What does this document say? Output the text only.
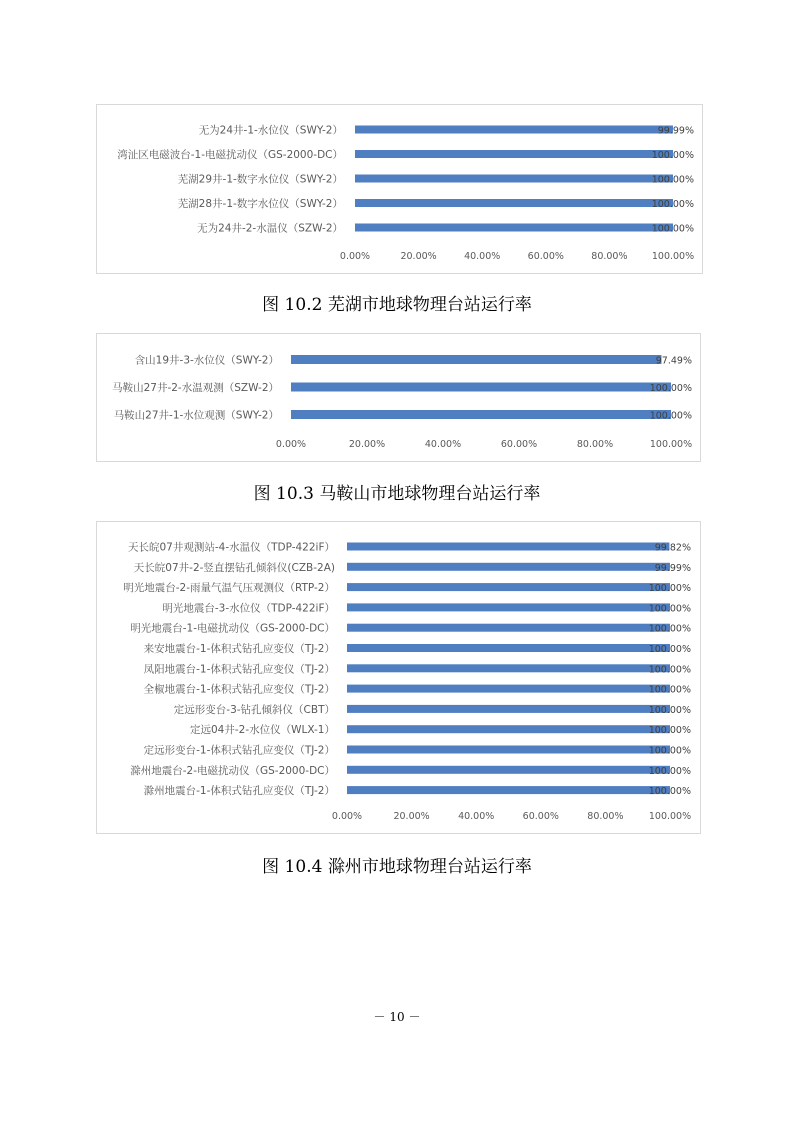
无为24井-1-水位仪（SWY-2）	99.99%
湾沚区电磁波台-1-电磁扰动仪（GS-2000-DC）	100.00%
芜湖29井-1-数字水位仪（SWY-2）	100.00%
芜湖28井-1-数字水位仪（SWY-2）	100.00%
无为24井-2-水温仪（SZW-2）	100.00%
0.00%	20.00%	40.00%	60.00%	80.00%	100.00%
图 10.2 芜湖市地球物理台站运行率
含山19井-3-水位仪（SWY-2）	97.49%
马鞍山27井-2-水温观测（SZW-2）	100.00%
马鞍山27井-1-水位观测（SWY-2）	100.00%
0.00%	20.00%	40.00%	60.00%	80.00%	100.00%
图 10.3 马鞍山市地球物理台站运行率
天长皖07井观测站-4-水温仪（TDP-422iF）	99.82%
天长皖07井-2-竖直摆钻孔倾斜仪(CZB-2A)	99.99%
明光地震台-2-雨量气温气压观测仪（RTP-2）	100.00%
明光地震台-3-水位仪（TDP-422iF）	100.00%
明光地震台-1-电磁扰动仪（GS-2000-DC）	100.00%
来安地震台-1-体积式钻孔应变仪（TJ-2）	100.00%
凤阳地震台-1-体积式钻孔应变仪（TJ-2）	100.00%
全椒地震台-1-体积式钻孔应变仪（TJ-2）	100.00%
定远形变台-3-钻孔倾斜仪（CBT）	100.00%
定远04井-2-水位仪（WLX-1）	100.00%
定远形变台-1-体积式钻孔应变仪（TJ-2）	100.00%
滁州地震台-2-电磁扰动仪（GS-2000-DC）	100.00%
滁州地震台-1-体积式钻孔应变仪（TJ-2）	100.00%
0.00%	20.00%	40.00%	60.00%	80.00%	100.00%
图 10.4 滁州市地球物理台站运行率
－ 10 －
